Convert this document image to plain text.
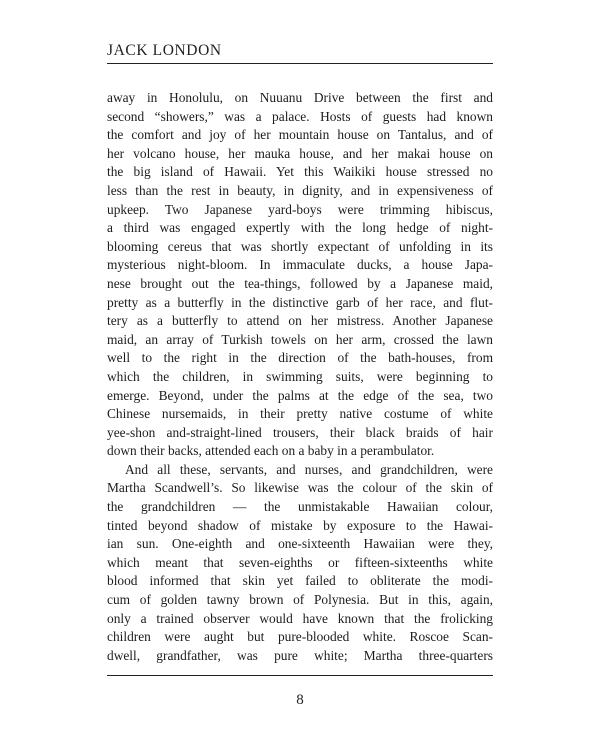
JACK LONDON
away in Honolulu, on Nuuanu Drive between the first and
second “showers,” was a palace. Hosts of guests had known
the comfort and joy of her mountain house on Tantalus, and of
her volcano house, her mauka house, and her makai house on
the big island of Hawaii. Yet this Waikiki house stressed no
less than the rest in beauty, in dignity, and in expensiveness of
upkeep. Two Japanese yard-boys were trimming hibiscus,
a third was engaged expertly with the long hedge of night-
blooming cereus that was shortly expectant of unfolding in its
mysterious night-bloom. In immaculate ducks, a house Japa-
nese brought out the tea-things, followed by a Japanese maid,
pretty as a butterfly in the distinctive garb of her race, and flut-
tery as a butterfly to attend on her mistress. Another Japanese
maid, an array of Turkish towels on her arm, crossed the lawn
well to the right in the direction of the bath-houses, from
which the children, in swimming suits, were beginning to
emerge. Beyond, under the palms at the edge of the sea, two
Chinese nursemaids, in their pretty native costume of white
yee-shon and-straight-lined trousers, their black braids of hair
down their backs, attended each on a baby in a perambulator.
And all these, servants, and nurses, and grandchildren, were
Martha Scandwell’s. So likewise was the colour of the skin of
the grandchildren — the unmistakable Hawaiian colour,
tinted beyond shadow of mistake by exposure to the Hawai-
ian sun. One-eighth and one-sixteenth Hawaiian were they,
which meant that seven-eighths or fifteen-sixteenths white
blood informed that skin yet failed to obliterate the modi-
cum of golden tawny brown of Polynesia. But in this, again,
only a trained observer would have known that the frolicking
children were aught but pure-blooded white. Roscoe Scan-
dwell, grandfather, was pure white; Martha three-quarters
8
